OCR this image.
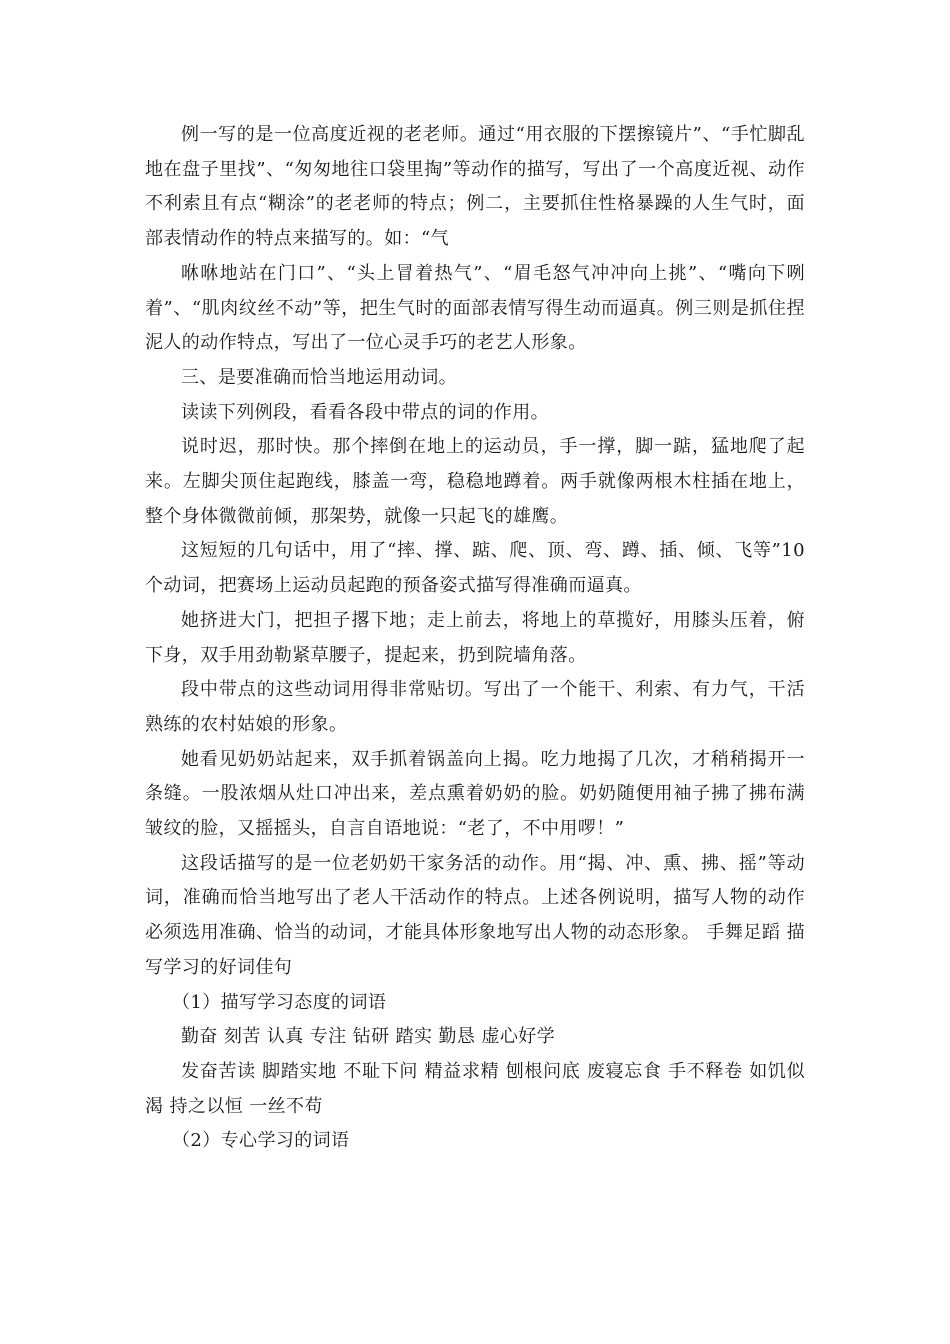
例一写的是一位高度近视的老老师。通过“用衣服的下摆擦镜片”、“手忙脚乱地在盘子里找”、“匆匆地往口袋里掏”等动作的描写，写出了一个高度近视、动作不利索且有点“糊涂”的老老师的特点；例二，主要抓住性格暴躁的人生气时，面部表情动作的特点来描写的。如：“气

咻咻地站在门口”、“头上冒着热气”、“眉毛怒气冲冲向上挑”、“嘴向下咧着”、“肌肉纹丝不动”等，把生气时的面部表情写得生动而逼真。例三则是抓住捏泥人的动作特点，写出了一位心灵手巧的老艺人形象。

三、是要准确而恰当地运用动词。

读读下列例段，看看各段中带点的词的作用。

说时迟，那时快。那个摔倒在地上的运动员，手一撑，脚一踮，猛地爬了起来。左脚尖顶住起跑线，膝盖一弯，稳稳地蹲着。两手就像两根木柱插在地上，整个身体微微前倾，那架势，就像一只起飞的雄鹰。

这短短的几句话中，用了“摔、撑、踮、爬、顶、弯、蹲、插、倾、飞等”10个动词，把赛场上运动员起跑的预备姿式描写得准确而逼真。

她挤进大门，把担子撂下地；走上前去，将地上的草揽好，用膝头压着，俯下身，双手用劲勒紧草腰子，提起来，扔到院墙角落。

段中带点的这些动词用得非常贴切。写出了一个能干、利索、有力气，干活熟练的农村姑娘的形象。

她看见奶奶站起来，双手抓着锅盖向上揭。吃力地揭了几次，才稍稍揭开一条缝。一股浓烟从灶口冲出来，差点熏着奶奶的脸。奶奶随便用袖子拂了拂布满皱纹的脸，又摇摇头，自言自语地说：“老了，不中用啰！”

这段话描写的是一位老奶奶干家务活的动作。用“揭、冲、熏、拂、摇”等动词，准确而恰当地写出了老人干活动作的特点。上述各例说明，描写人物的动作必须选用准确、恰当的动词，才能具体形象地写出人物的动态形象。 手舞足蹈 描写学习的好词佳句

（1）描写学习态度的词语

勤奋 刻苦 认真 专注 钻研 踏实 勤恳 虚心好学

发奋苦读 脚踏实地 不耻下问 精益求精 刨根问底 废寝忘食 手不释卷 如饥似渴 持之以恒 一丝不苟

（2）专心学习的词语
